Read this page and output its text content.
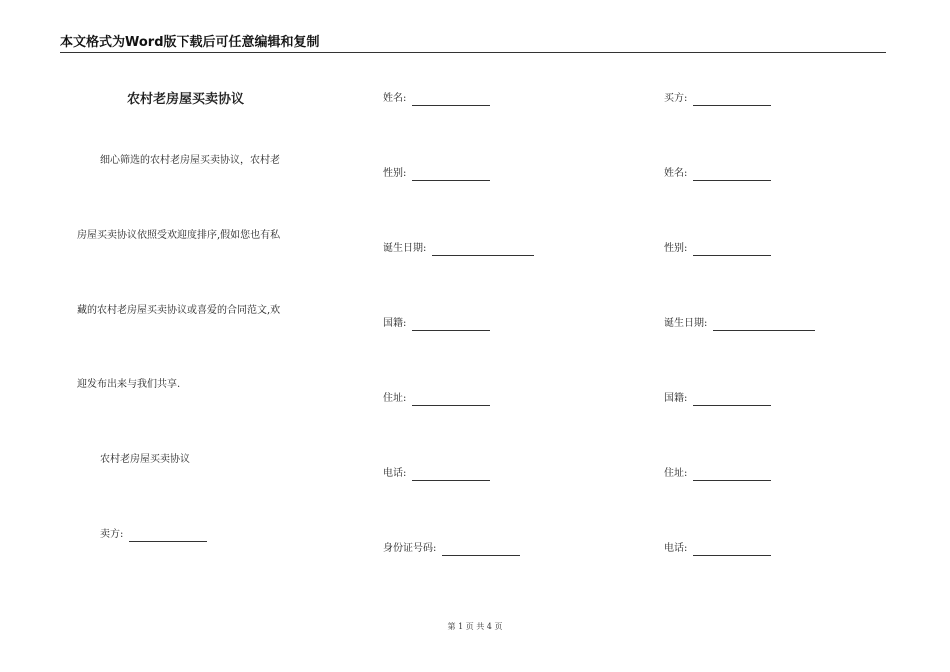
本文格式为Word版下载后可任意编辑和复制
农村老房屋买卖协议
细心筛选的农村老房屋买卖协议，农村老
房屋买卖协议依照受欢迎度排序,假如您也有私
藏的农村老房屋买卖协议或喜爱的合同范文,欢
迎发布出来与我们共享.
农村老房屋买卖协议
卖方:
姓名:
性别:
诞生日期:
国籍:
住址:
电话:
身份证号码:
买方:
姓名:
性别:
诞生日期:
国籍:
住址:
电话:
第 1 页 共 4 页
